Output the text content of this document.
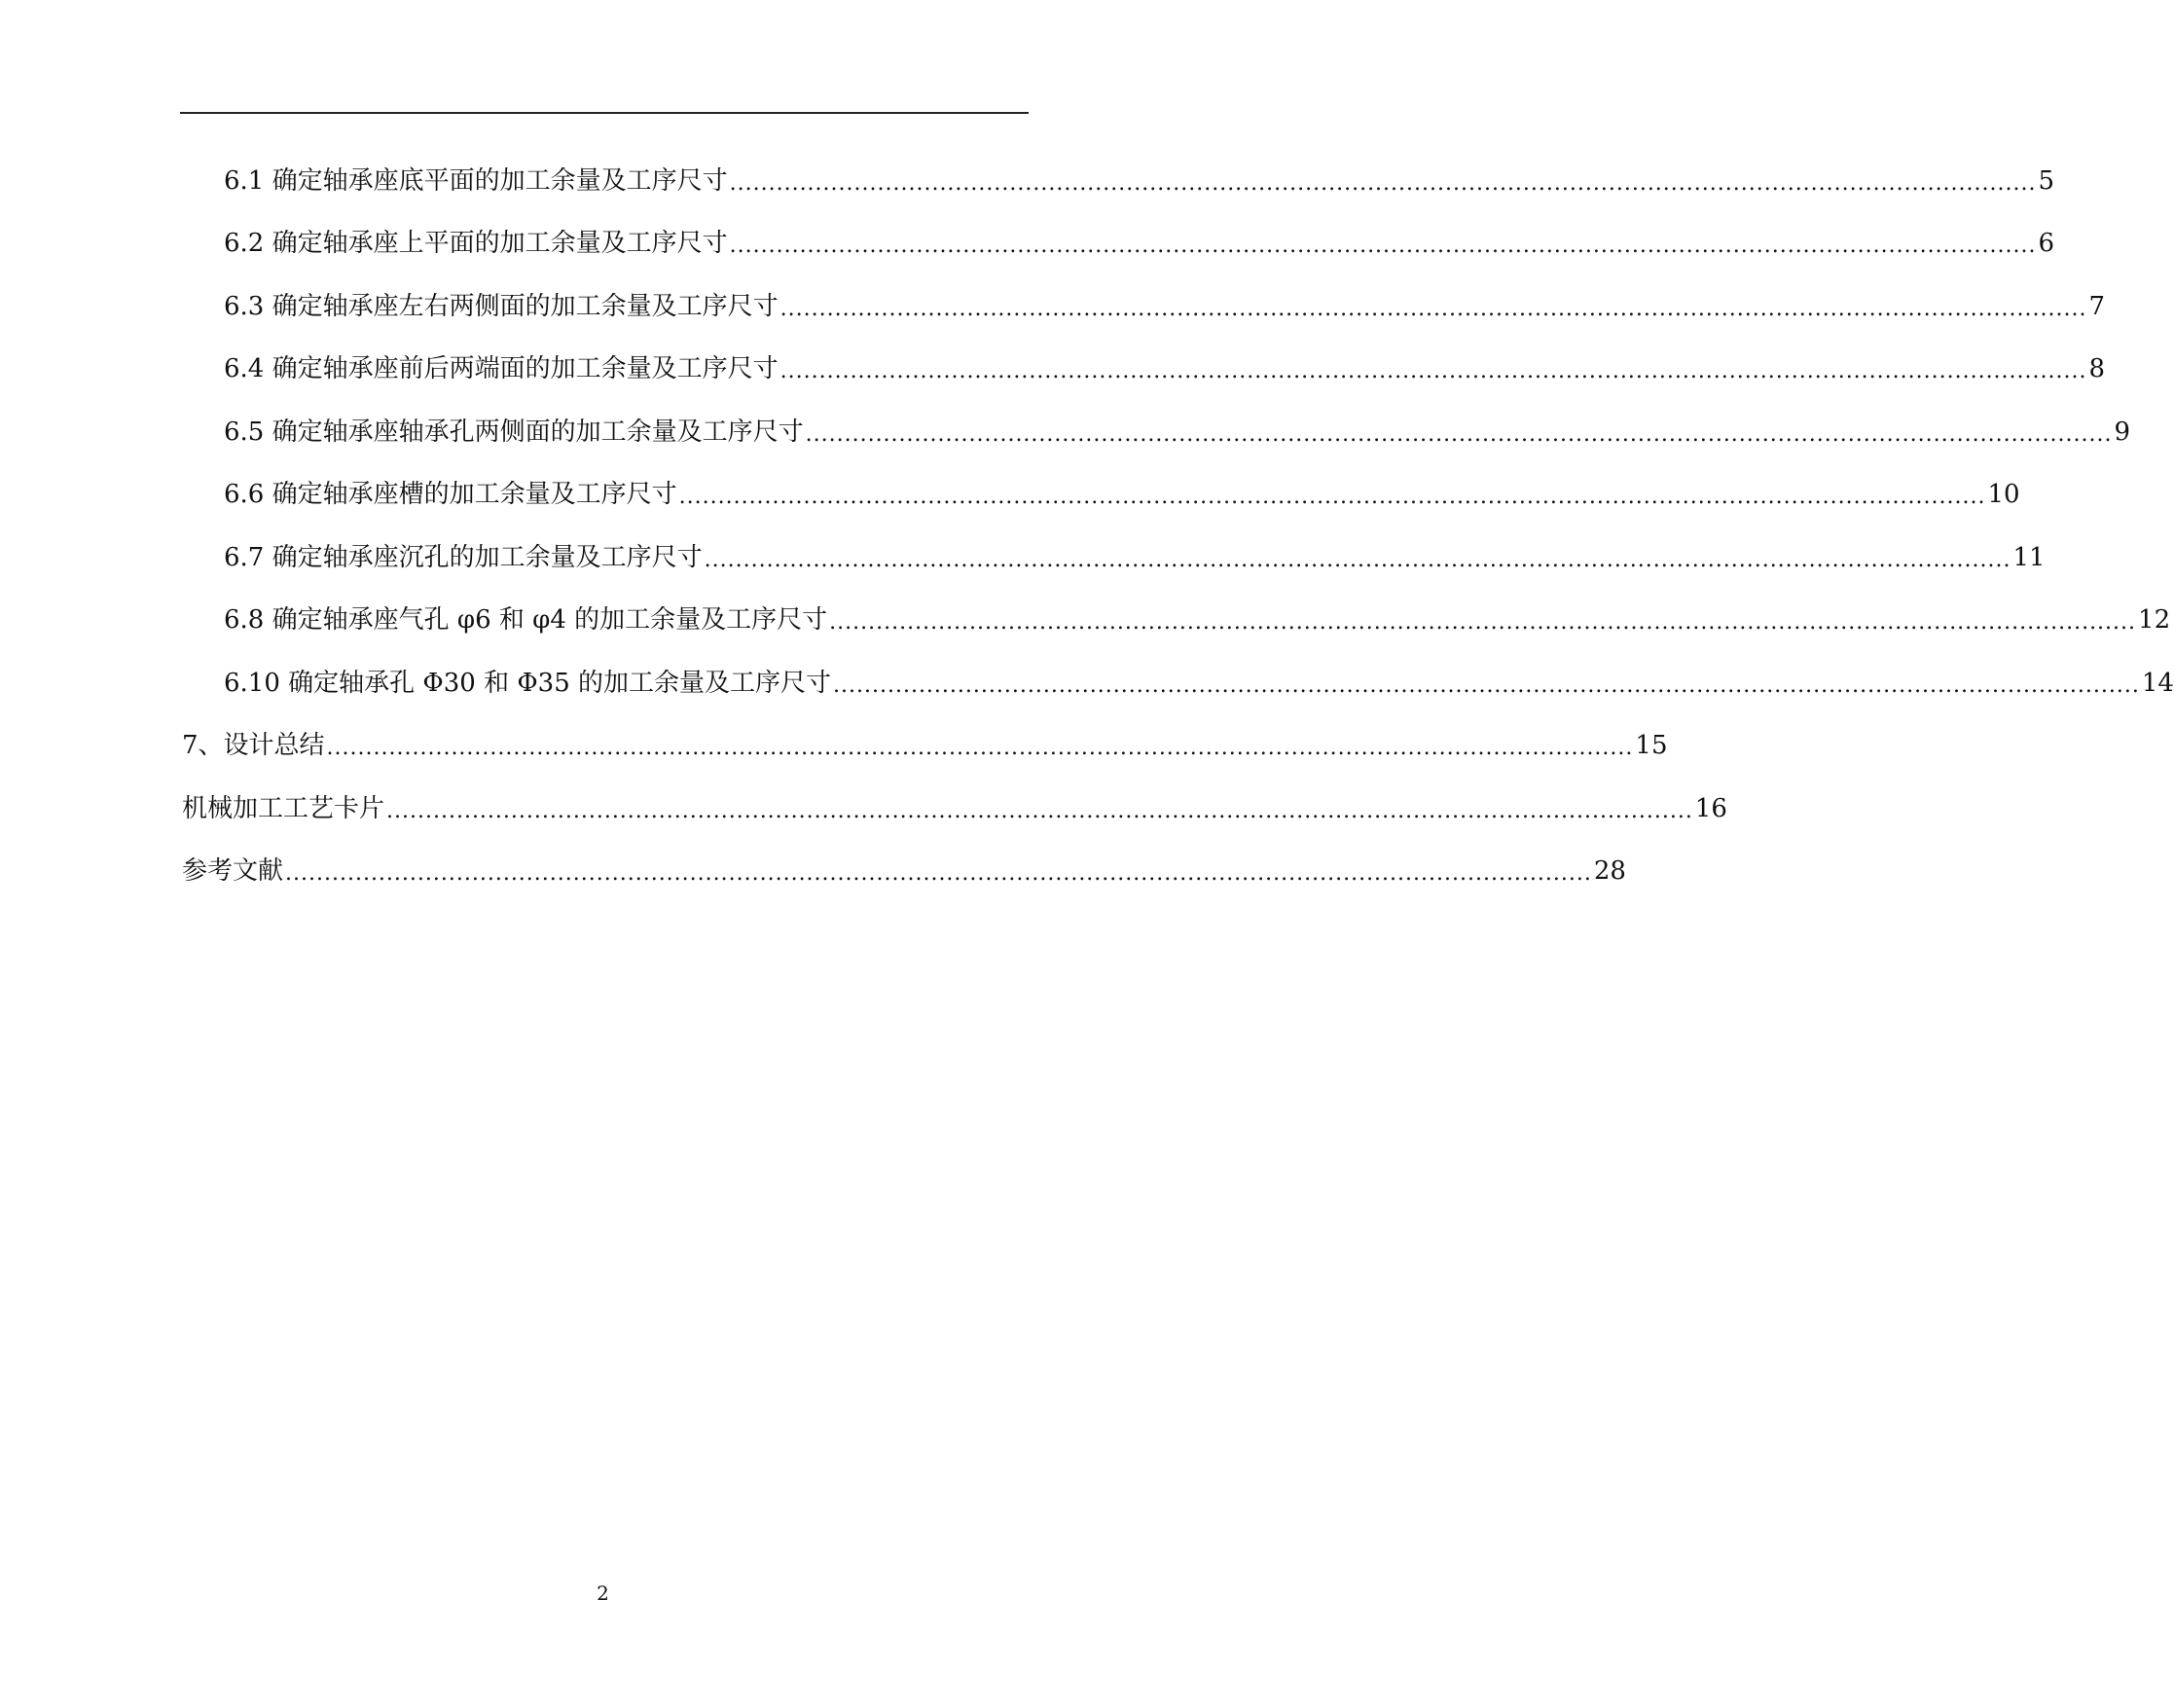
6.1 确定轴承座底平面的加工余量及工序尺寸 ........................................................................................................................................................................ 5
6.2 确定轴承座上平面的加工余量及工序尺寸 ........................................................................................................................................................................ 6
6.3 确定轴承座左右两侧面的加工余量及工序尺寸 ........................................................................................................................................................................ 7
6.4 确定轴承座前后两端面的加工余量及工序尺寸 ........................................................................................................................................................................ 8
6.5 确定轴承座轴承孔两侧面的加工余量及工序尺寸 ........................................................................................................................................................................ 9
6.6 确定轴承座槽的加工余量及工序尺寸 ........................................................................................................................................................................ 10
6.7 确定轴承座沉孔的加工余量及工序尺寸 ........................................................................................................................................................................ 11
6.8 确定轴承座气孔 φ6 和 φ4 的加工余量及工序尺寸 ........................................................................................................................................................................ 12
6.10 确定轴承孔 Φ30 和 Φ35 的加工余量及工序尺寸 ........................................................................................................................................................................ 14
7、设计总结 ........................................................................................................................................................................ 15
机械加工工艺卡片 ........................................................................................................................................................................ 16
参考文献 ........................................................................................................................................................................ 28
2
